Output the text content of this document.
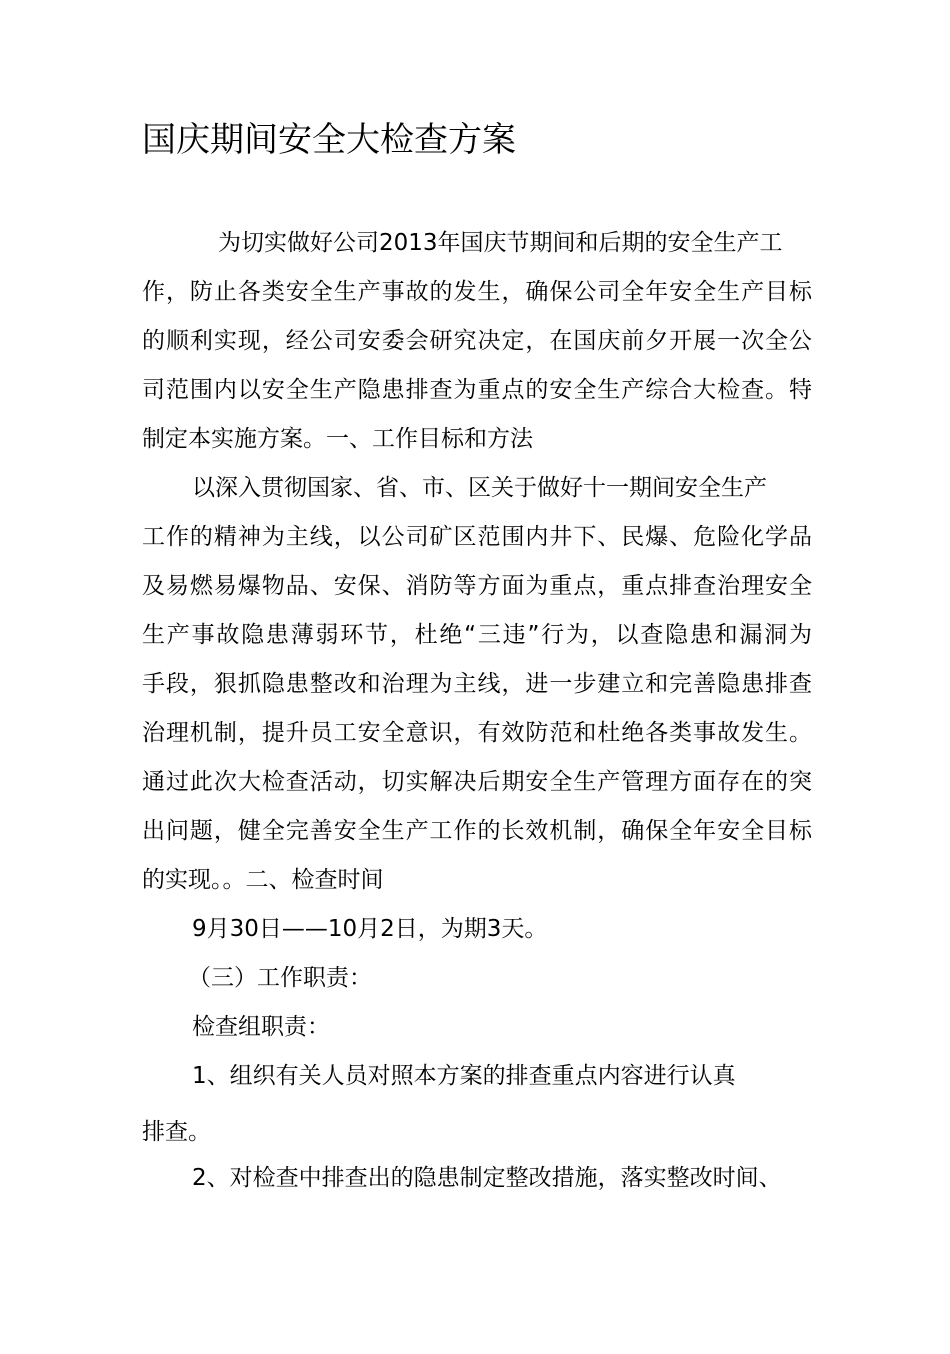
国庆期间安全大检查方案

为切实做好公司2013年国庆节期间和后期的安全生产工

作，防止各类安全生产事故的发生，确保公司全年安全生产目标

的顺利实现，经公司安委会研究决定，在国庆前夕开展一次全公

司范围内以安全生产隐患排查为重点的安全生产综合大检查。特

制定本实施方案。一、工作目标和方法

以深入贯彻国家、省、市、区关于做好十一期间安全生产

工作的精神为主线，以公司矿区范围内井下、民爆、危险化学品

及易燃易爆物品、安保、消防等方面为重点，重点排查治理安全

生产事故隐患薄弱环节，杜绝“三违”行为，以查隐患和漏洞为

手段，狠抓隐患整改和治理为主线，进一步建立和完善隐患排查

治理机制，提升员工安全意识，有效防范和杜绝各类事故发生。

通过此次大检查活动，切实解决后期安全生产管理方面存在的突

出问题，健全完善安全生产工作的长效机制，确保全年安全目标

的实现。。二、检查时间

9月30日——10月2日，为期3天。

（三）工作职责：

检查组职责：

1、组织有关人员对照本方案的排查重点内容进行认真

排查。

2、对检查中排查出的隐患制定整改措施，落实整改时间、
